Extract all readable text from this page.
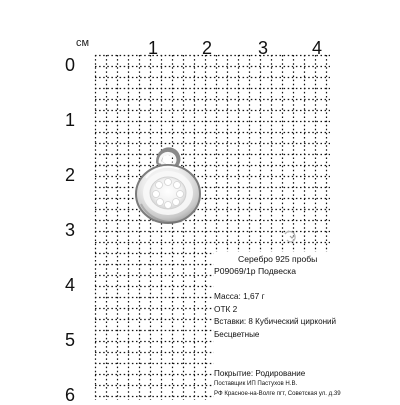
см	1 2	3 4
0
1
2
3
4
5
6
Серебро 925 пробы
Р09069/1р Подвеска
Масса: 1,67 г
ОТК 2
Вставки: 8 Кубический цирконий
Бесцветные
Покрытие: Родирование
Поставщик ИП Пастухов Н.В.
РФ Красное-на-Волге пгт, Советская ул. д.39
